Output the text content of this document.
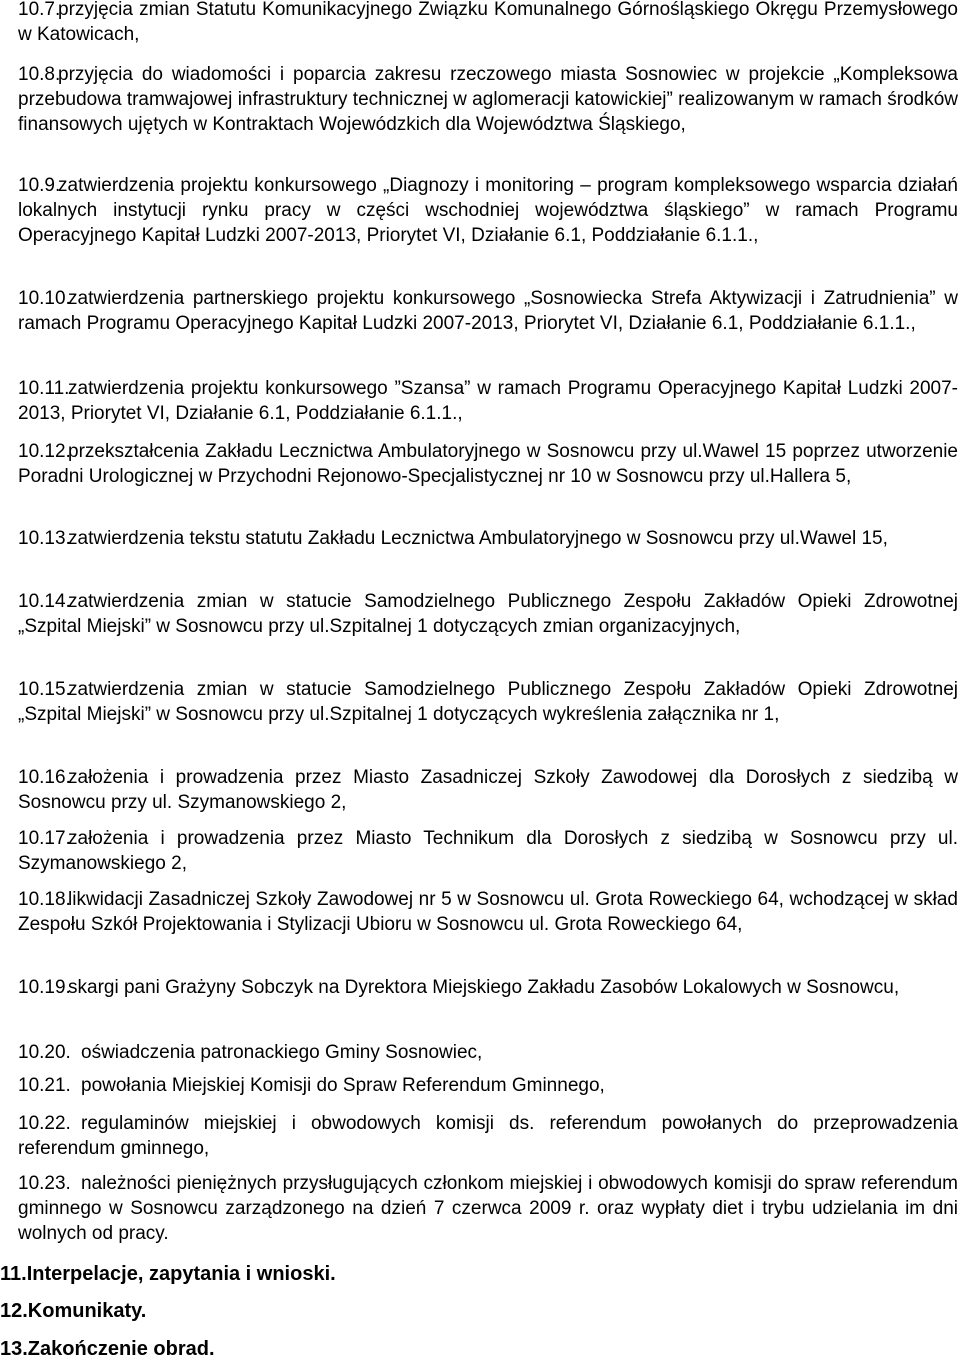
10.7.
przyjęcia zmian Statutu Komunikacyjnego Związku Komunalnego Górnośląskiego Okręgu Przemysłowego w Katowicach,
10.8.
przyjęcia do wiadomości i poparcia zakresu rzeczowego miasta Sosnowiec w projekcie „Kompleksowa przebudowa tramwajowej infrastruktury technicznej w aglomeracji katowickiej” realizowanym w ramach środków finansowych ujętych w Kontraktach Wojewódzkich dla Województwa Śląskiego,
10.9.
zatwierdzenia projektu konkursowego „Diagnozy i monitoring – program kompleksowego wsparcia działań lokalnych instytucji rynku pracy w części wschodniej województwa śląskiego” w ramach Programu Operacyjnego Kapitał Ludzki 2007-2013, Priorytet VI, Działanie 6.1, Poddziałanie 6.1.1.,
10.10.
zatwierdzenia partnerskiego projektu konkursowego „Sosnowiecka Strefa Aktywizacji i Zatrudnienia” w ramach Programu Operacyjnego Kapitał Ludzki 2007-2013, Priorytet VI, Działanie 6.1, Poddziałanie 6.1.1.,
10.11.
zatwierdzenia projektu konkursowego ”Szansa” w ramach Programu Operacyjnego Kapitał Ludzki 2007-2013, Priorytet VI, Działanie 6.1, Poddziałanie 6.1.1.,
10.12.
przekształcenia Zakładu Lecznictwa Ambulatoryjnego w Sosnowcu przy ul.Wawel 15 poprzez utworzenie Poradni Urologicznej w Przychodni Rejonowo-Specjalistycznej nr 10 w Sosnowcu przy ul.Hallera 5,
10.13.
zatwierdzenia tekstu statutu Zakładu Lecznictwa Ambulatoryjnego w Sosnowcu przy ul.Wawel 15,
10.14.
zatwierdzenia zmian w statucie Samodzielnego Publicznego Zespołu Zakładów Opieki Zdrowotnej „Szpital Miejski” w Sosnowcu przy ul.Szpitalnej 1 dotyczących zmian organizacyjnych,
10.15.
zatwierdzenia zmian w statucie Samodzielnego Publicznego Zespołu Zakładów Opieki Zdrowotnej „Szpital Miejski” w Sosnowcu przy ul.Szpitalnej 1 dotyczących wykreślenia załącznika nr 1,
10.16.
założenia i prowadzenia przez Miasto Zasadniczej Szkoły Zawodowej dla Dorosłych z siedzibą w Sosnowcu przy ul. Szymanowskiego 2,
10.17.
założenia i prowadzenia przez Miasto Technikum dla Dorosłych z siedzibą w Sosnowcu przy ul. Szymanowskiego 2,
10.18.
likwidacji Zasadniczej Szkoły Zawodowej nr 5 w Sosnowcu ul. Grota Roweckiego 64, wchodzącej w skład Zespołu Szkół Projektowania i Stylizacji Ubioru w Sosnowcu ul. Grota Roweckiego 64,
10.19.
skargi pani Grażyny Sobczyk na Dyrektora Miejskiego Zakładu Zasobów Lokalowych w Sosnowcu,
10.20. oświadczenia patronackiego Gminy Sosnowiec,
10.21. powołania Miejskiej Komisji do Spraw Referendum Gminnego,
10.22. regulaminów miejskiej i obwodowych komisji ds. referendum powołanych do przeprowadzenia referendum gminnego,
10.23. należności pieniężnych przysługujących członkom miejskiej i obwodowych komisji do spraw referendum gminnego w Sosnowcu zarządzonego na dzień 7 czerwca 2009 r. oraz wypłaty diet i trybu udzielania im dni wolnych od pracy.
11.Interpelacje, zapytania i wnioski.
12.Komunikaty.
13.Zakończenie obrad.
